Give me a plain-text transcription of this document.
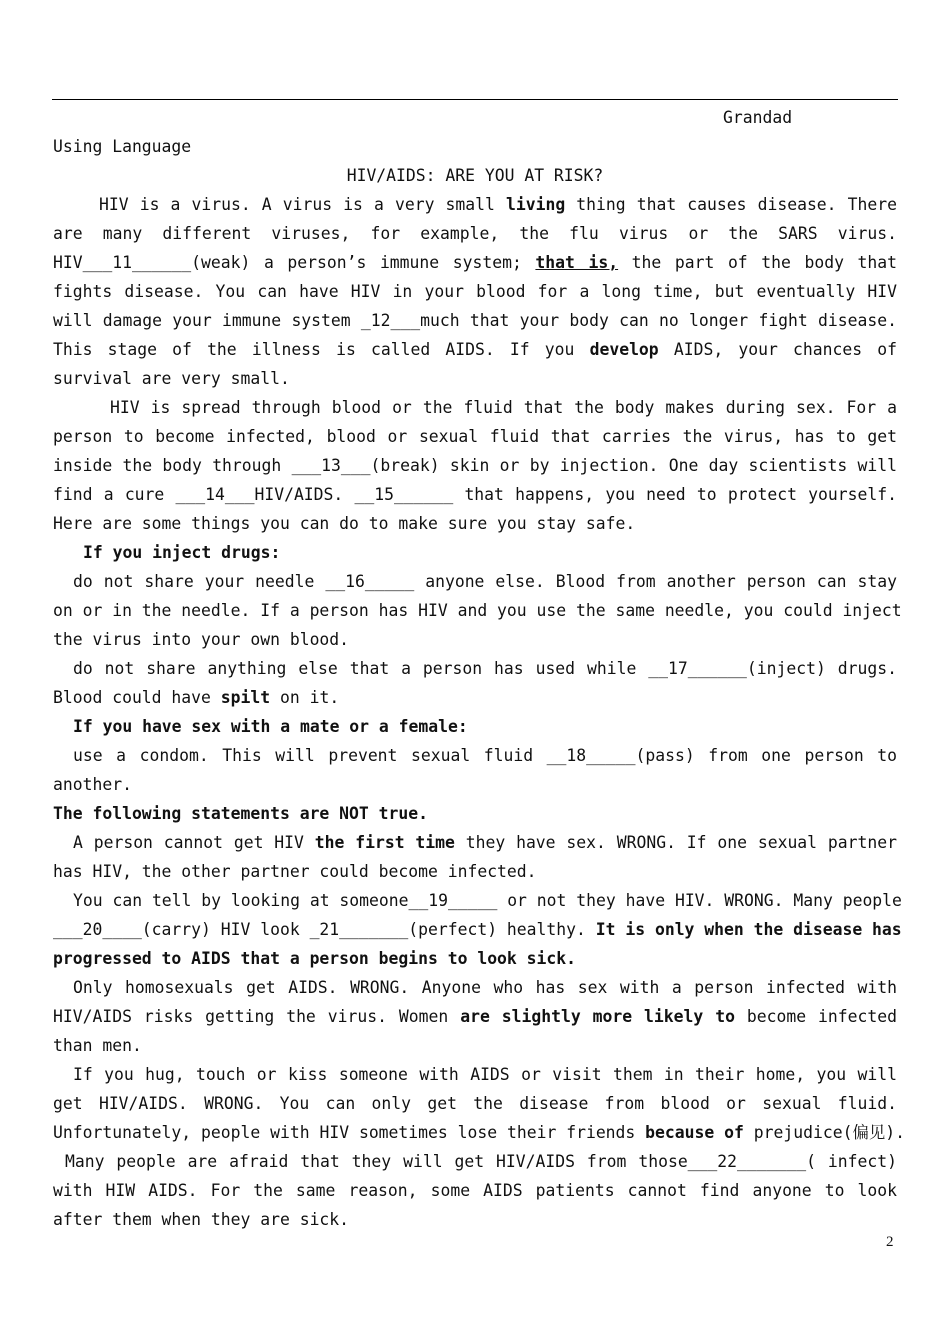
Grandad
Using Language
HIV/AIDS: ARE YOU AT RISK?
HIV is a virus. A virus is a very small living thing that causes disease. There
are many different viruses, for example, the flu virus or the SARS virus.
HIV___11______(weak) a person’s immune system; that is, the part of the body that
fights disease. You can have HIV in your blood for a long time, but eventually HIV
will damage your immune system _12___much that your body can no longer fight disease.
This stage of the illness is called AIDS. If you develop AIDS, your chances of
survival are very small.
HIV is spread through blood or the fluid that the body makes during sex. For a
person to become infected, blood or sexual fluid that carries the virus, has to get
inside the body through ___13___(break) skin or by injection. One day scientists will
find a cure ___14___HIV/AIDS. __15______ that happens, you need to protect yourself.
Here are some things you can do to make sure you stay safe.
If you inject drugs:
do not share your needle __16_____ anyone else. Blood from another person can stay
on or in the needle. If a person has HIV and you use the same needle, you could inject
the virus into your own blood.
do not share anything else that a person has used while __17______(inject) drugs.
Blood could have spilt on it.
If you have sex with a mate or a female:
use a condom. This will prevent sexual fluid __18_____(pass) from one person to
another.
The following statements are NOT true.
A person cannot get HIV the first time they have sex. WRONG. If one sexual partner
has HIV, the other partner could become infected.
You can tell by looking at someone__19_____ or not they have HIV. WRONG. Many people
___20____(carry) HIV look _21_______(perfect) healthy. It is only when the disease has
progressed to AIDS that a person begins to look sick.
Only homosexuals get AIDS. WRONG. Anyone who has sex with a person infected with
HIV/AIDS risks getting the virus. Women are slightly more likely to become infected
than men.
If you hug, touch or kiss someone with AIDS or visit them in their home, you will
get HIV/AIDS. WRONG. You can only get the disease from blood or sexual fluid.
Unfortunately, people with HIV sometimes lose their friends because of prejudice(偏见).
Many people are afraid that they will get HIV/AIDS from those___22_______( infect)
with HIW AIDS. For the same reason, some AIDS patients cannot find anyone to look
after them when they are sick.
2
